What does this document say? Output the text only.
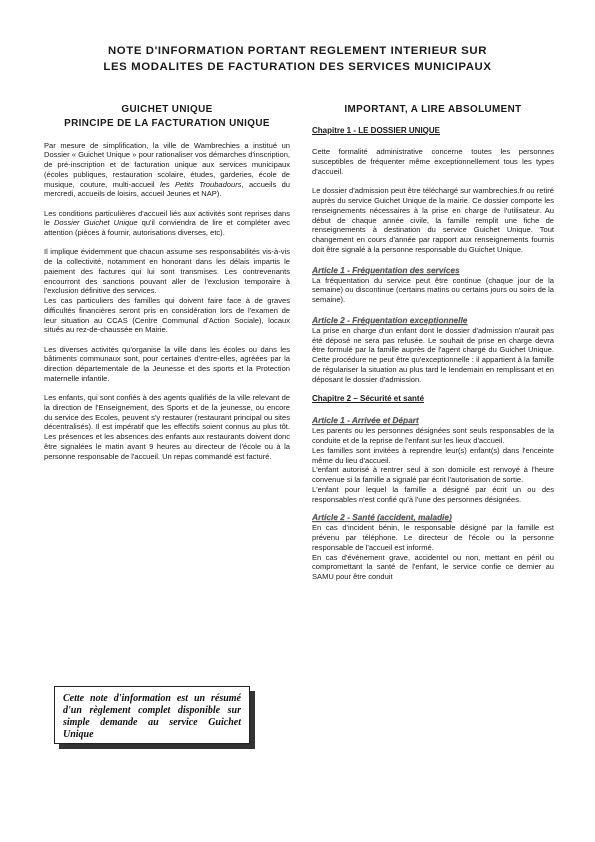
NOTE D'INFORMATION PORTANT REGLEMENT INTERIEUR SUR
LES MODALITES DE FACTURATION DES SERVICES MUNICIPAUX
GUICHET UNIQUE
PRINCIPE DE LA FACTURATION UNIQUE

Par mesure de simplification, la ville de Wambrechies a institué un Dossier « Guichet Unique » pour rationaliser vos démarches d'inscription, de pré-inscription et de facturation unique aux services municipaux (écoles publiques, restauration scolaire, études, garderies, école de musique, couture, multi-accueil les Petits Troubadours, accueils du mercredi, accueils de loisirs, accueil Jeunes et NAP).

Les conditions particulières d'accueil liés aux activités sont reprises dans le Dossier Guichet Unique qu'il conviendra de lire et compléter avec attention (pièces à fournir, autorisations diverses, etc).

Il implique évidemment que chacun assume ses responsabilités vis-à-vis de la collectivité, notamment en honorant dans les délais impartis le paiement des factures qui lui sont transmises. Les contrevenants encourront des sanctions pouvant aller de l'exclusion temporaire à l'exclusion définitive des services.

Les cas particuliers des familles qui doivent faire face à de graves difficultés financières seront pris en considération lors de l'examen de leur situation au CCAS (Centre Communal d'Action Sociale), locaux situés au rez-de-chaussée en Mairie.

Les diverses activités qu'organise la ville dans les écoles ou dans les bâtiments communaux sont, pour certaines d'entre-elles, agréées par la direction départementale de la Jeunesse et des sports et la Protection maternelle infantile.

Les enfants, qui sont confiés à des agents qualifiés de la ville relevant de la direction de l'Enseignement, des Sports et de la jeunesse, ou encore du service des Ecoles, peuvent s'y restaurer (restaurant principal ou sites décentralisés). Il est impératif que les effectifs soient connus au plus tôt. Les présences et les absences des enfants aux restaurants doivent donc être signalées le matin avant 9 heures au directeur de l'école ou à la personne responsable de l'accueil. Un repas commandé est facturé.

Cette note d'information est un résumé d'un règlement complet disponible sur simple demande au service Guichet Unique
IMPORTANT, A LIRE ABSOLUMENT
Chapitre 1 - LE DOSSIER UNIQUE

Cette formalité administrative concerne toutes les personnes susceptibles de fréquenter même exceptionnellement tous les types d'accueil.

Le dossier d'admission peut être téléchargé sur wambrechies.fr ou retiré auprès du service Guichet Unique de la mairie. Ce dossier comporte les renseignements nécessaires à la prise en charge de l'utilisateur. Au début de chaque année civile, la famille remplit une fiche de renseignements à destination du service Guichet Unique. Tout changement en cours d'année par rapport aux renseignements fournis doit être signalé à la personne responsable du Guichet Unique.

Article 1 - Fréquentation des services

La fréquentation du service peut être continue (chaque jour de la semaine) ou discontinue (certains matins ou certains jours ou soirs de la semaine).

Article 2 - Fréquentation exceptionnelle

La prise en charge d'un enfant dont le dossier d'admission n'aurait pas été déposé ne sera pas refusée. Le souhait de prise en charge devra être formulé par la famille auprès de l'agent chargé du Guichet Unique. Cette procédure ne peut être qu'exceptionnelle : il appartient à la famille de régulariser la situation au plus tard le lendemain en remplissant et en déposant le dossier d'admission.

Chapitre 2 – Sécurité et santé
Article 1 - Arrivée et Départ

Les parents ou les personnes désignées sont seuls responsables de la conduite et de la reprise de l'enfant sur les lieux d'accueil.

Les familles sont invitées à reprendre leur(s) enfant(s) dans l'enceinte même du lieu d'accueil.

L'enfant autorisé à rentrer seul à son domicile est renvoyé à l'heure convenue si la famille a signalé par écrit l'autorisation de sortie.

L'enfant pour lequel la famille a désigné par écrit un ou des responsables n'est confié qu'à l'une des personnes désignées.

Article 2 - Santé (accident, maladie)

En cas d'incident bénin, le responsable désigné par la famille est prévenu par téléphone. Le directeur de l'école ou la personne responsable de l'accueil est informé.

En cas d'événement grave, accidentel ou non, mettant en péril ou compromettant la santé de l'enfant, le service confie ce dernier au SAMU pour être conduit
